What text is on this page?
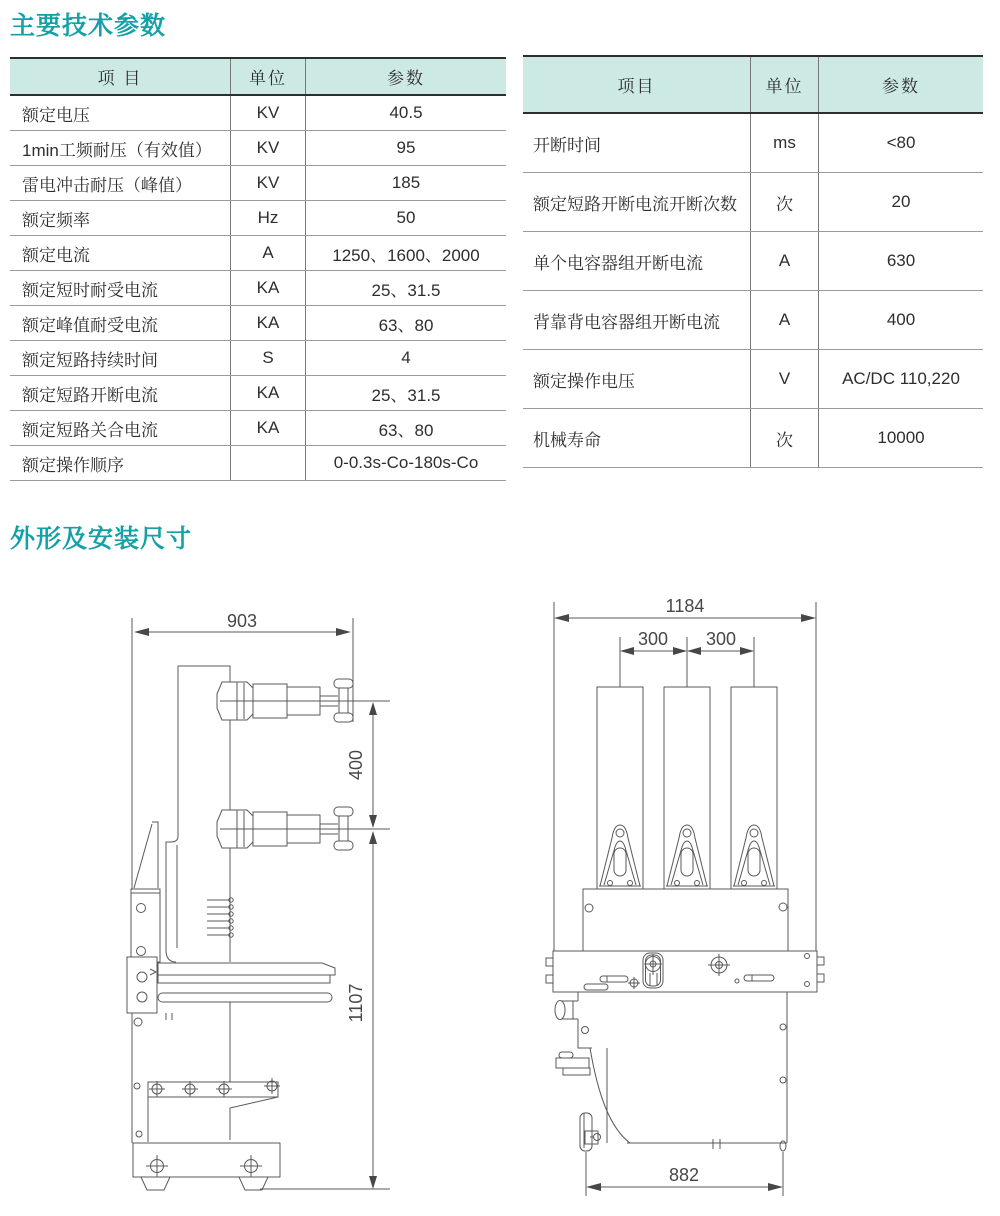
主要技术参数
项 目	单位	参数
额定电压	KV	40.5
1min工频耐压（有效值）	KV	95
雷电冲击耐压（峰值）	KV	185
额定频率	Hz	50
额定电流	A	1250、1600、2000
额定短时耐受电流	KA	25、31.5
额定峰值耐受电流	KA	63、80
额定短路持续时间	S	4
额定短路开断电流	KA	25、31.5
额定短路关合电流	KA	63、80
额定操作顺序		0-0.3s-Co-180s-Co
项目	单位	参数
开断时间	ms	<80
额定短路开断电流开断次数	次	20
单个电容器组开断电流	A	630
背靠背电容器组开断电流	A	400
额定操作电压	V	AC/DC 110,220
机械寿命	次	10000
外形及安装尺寸
903
400
1107
1184
300 300
882
